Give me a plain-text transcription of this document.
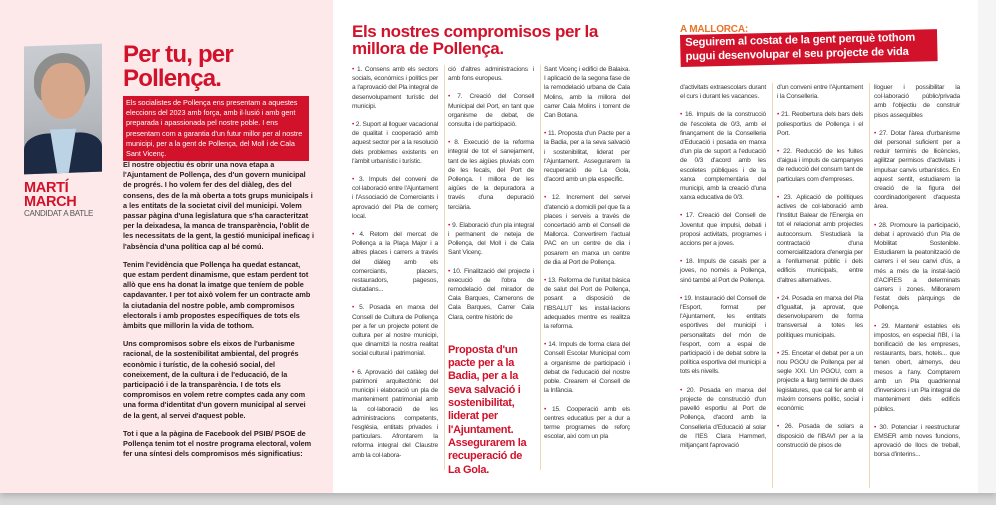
MARTÍ MARCH
CANDIDAT A BATLE
Per tu, per Pollença.
Els socialistes de Pollença ens presentam a aquestes eleccions del 2023 amb força, amb il·lusió i amb gent preparada i apassionada pel nostre poble. I ens presentam com a garantia d'un futur millor per al nostre municipi, per a la gent de Pollença, del Moll i de Cala Sant Vicenç.

El nostre objectiu és obrir una nova etapa a l'Ajuntament de Pollença, des d'un govern municipal de progrés. I ho volem fer des del diàleg, des del consens, des de la mà oberta a tots grups municipals i a les entitats de la societat civil del municipi. Volem passar pàgina d'una legislatura que s'ha caracteritzat per la deixadesa, la manca de transparència, l'oblit de les necessitats de la gent, la gestió municipal ineficaç i l'absència d'una política cap al bé comú.

Tenim l'evidència que Pollença ha quedat estancat, que estam perdent dinamisme, que estam perdent tot allò que ens ha donat la imatge que teníem de poble capdavanter. I per tot això volem fer un contracte amb la ciutadania del nostre poble, amb compromisos electorals i amb propostes específiques de tots els àmbits que millorin la vida de tothom.

Uns compromisos sobre els eixos de l'urbanisme racional, de la sostenibilitat ambiental, del progrés econòmic i turístic, de la cohesió social, del coneixement, de la cultura i de l'educació, de la participació i de la transparència. I de tots els compromisos en volem retre comptes cada any com una forma d'identitat d'un govern municipal al servei de la gent, al servei d'aquest poble.

Tot i que a la pàgina de Facebook del PSIB/ PSOE de Pollença tenim tot el nostre programa electoral, volem fer una síntesi dels compromisos més significatius:

Els nostres compromisos per la millora de Pollença.

• 1. Consens amb els sectors socials, econòmics i polítics per a l'aprovació del Pla integral de desenvolupament turístic del municipi.

• 2. Suport al lloguer vacacional de qualitat i cooperació amb aquest sector per a la resolució dels problemes existents en l'àmbit urbanístic i turístic.

• 3. Impuls del conveni de col·laboració entre l'Ajuntament i l'Associació de Comerciants i aprovació del Pla de comerç local.

• 4. Retorn del mercat de Pollença a la Plaça Major i a altres places i carrers a través del diàleg amb els comerciants, placers, restauradors, pagesos, ciutadans...

• 5. Posada en marxa del Consell de Cultura de Pollença per a fer un projecte potent de cultura per al nostre municipi, que dinamitzi la nostra realitat social cultural i patrimonial.

• 6. Aprovació del catàleg del patrimoni arquitectònic del municipi i elaboració un pla de manteniment patrimonial amb la col·laboració de les administracions competents, l'església, entitats privades i particulars. Afrontarem la reforma integral del Claustre amb la col·labora-

ció d'altres administracions i amb fons europeus.

• 7. Creació del Consell Municipal del Port, en tant que organisme de debat, de consulta i de participació.

• 8. Execució de la reforma integral de tot el sanejament, tant de les aigües pluvials com de les fecals, del Port de Pollença. I millora de les aigües de la depuradora a través d'una depuració terciària.

• 9. Elaboració d'un pla integral i permanent de neteja de Pollença, del Moll i de Cala Sant Vicenç.

• 10. Finalització del projecte i execució de l'obra de remodelació del mirador de Cala Barques, Camerons de Cala Barques, Carrer Cala Clara, centre històric de

Proposta d'un pacte per a la Badia, per a la seva salvació i sostenibilitat, liderat per l'Ajuntament. Assegurarem la recuperació de La Gola.

Sant Vicenç i edifici de Balaixa. I aplicació de la segona fase de la remodelació urbana de Cala Molins, amb la millora del carrer Cala Molins i torrent de Can Botana.

• 11. Proposta d'un Pacte per a la Badia, per a la seva salvació i sostenibilitat, liderat per l'Ajuntament. Assegurarem la recuperació de La Gola, d'acord amb un pla específic.

• 12. Increment del servei d'atenció a domicili pel que fa a places i serveis a través de concertació amb el Consell de Mallorca. Convertirem l'actual PAC en un centre de dia i posarem en marxa un centre de dia al Port de Pollença.

• 13. Reforma de l'unitat bàsica de salut del Port de Pollença, posant a disposició de l'IBSALUT les instal·lacions adequades mentre es realitza la reforma.

• 14. Impuls de forma clara del Consell Escolar Municipal com a organisme de participació i debat de l'educació del nostre poble. Crearem el Consell de la Infància.

• 15. Cooperació amb els centres educatius per a dur a terme programes de reforç escolar, així com un pla

A MALLORCA:
Seguirem al costat de la gent perquè tothom pugui desenvolupar el seu projecte de vida

d'activitats extraescolars durant el curs i durant les vacances.

• 16. Impuls de la construcció de l'escoleta de 0/3, amb el finançament de la Conselleria d'Educació i posada en marxa d'un pla de suport a l'educació de 0/3 d'acord amb les escoletes públiques i de la xarxa complementària del municipi, amb la creació d'una xarxa educativa de 0/3.

• 17. Creació del Consell de Joventut que impulsi, debati i proposi activitats, programes i accions per a joves.

• 18. Impuls de casals per a joves, no només a Pollença, sinó també al Port de Pollença.

• 19. Instauració del Consell de l'Esport, format per l'Ajuntament, les entitats esportives del municipi i personalitats del món de l'esport, com a espai de participació i de debat sobre la política esportiva del municipi a tots els nivells.

• 20. Posada en marxa del projecte de construcció d'un pavelló esportiu al Port de Pollença, d'acord amb la Conselleria d'Educació al solar de l'IES Clara Hammerl, mitjançant l'aprovació

d'un conveni entre l'Ajuntament i la Conselleria.

• 21. Reobertura dels bars dels poliesportius de Pollença i el Port.

• 22. Reducció de les fuites d'aigua i impuls de campanyes de reducció del consum tant de particulars com d'empreses.

• 23. Aplicació de polítiques actives de col·laboració amb l'Institut Balear de l'Energia en tot el relacionat amb projectes autoconsum. S'estudiarà la contractació d'una comercialitzadora d'energia per a l'enllumenat públic i dels edificis municipals, entre d'altres alternatives.

• 24. Posada en marxa del Pla d'Igualtat, ja aprovat, que desenvoluparem de forma transversal a totes les polítiques municipals.

• 25. Encetar el debat per a un nou PGOU de Pollença per al segle XXI. Un PGOU, com a projecte a llarg termini de dues legislatures, que cal fer amb el màxim consens polític, social i econòmic

• 26. Posada de solars a disposició de l'IBAVI per a la construcció de pisos de

lloguer i possibilitar la col·laboració públic/privada amb l'objectiu de construir pisos assequibles

• 27. Dotar l'àrea d'urbanisme del personal suficient per a reduir terminis de llicències, agilitzar permisos d'activitats i impulsar canvis urbanístics. En aquest sentit, estudiarem la creació de la figura del coordinador/gerent d'aquesta àrea.

• 28. Promoure la participació, debat i aprovació d'un Pla de Mobilitat Sostenible. Estudiarem la peatonització de carrers i el seu canvi d'ús, a més a més de la instal·lació d'ACIRES a determinats carrers i zones. Millorarem l'estat dels pàrquings de Pollença.

• 29. Mantenir estables els impostos, en especial l'IBI, i la bonificació de les empreses, restaurants, bars, hotels... que tenen obert, almenys, deu mesos a l'any. Comptarem amb un Pla quadriennal d'inversions i un Pla integral de manteniment dels edificis públics.

• 30. Potenciar i reestructurar EMSER amb noves funcions, aprovació de llocs de treball, borsa d'interins...
